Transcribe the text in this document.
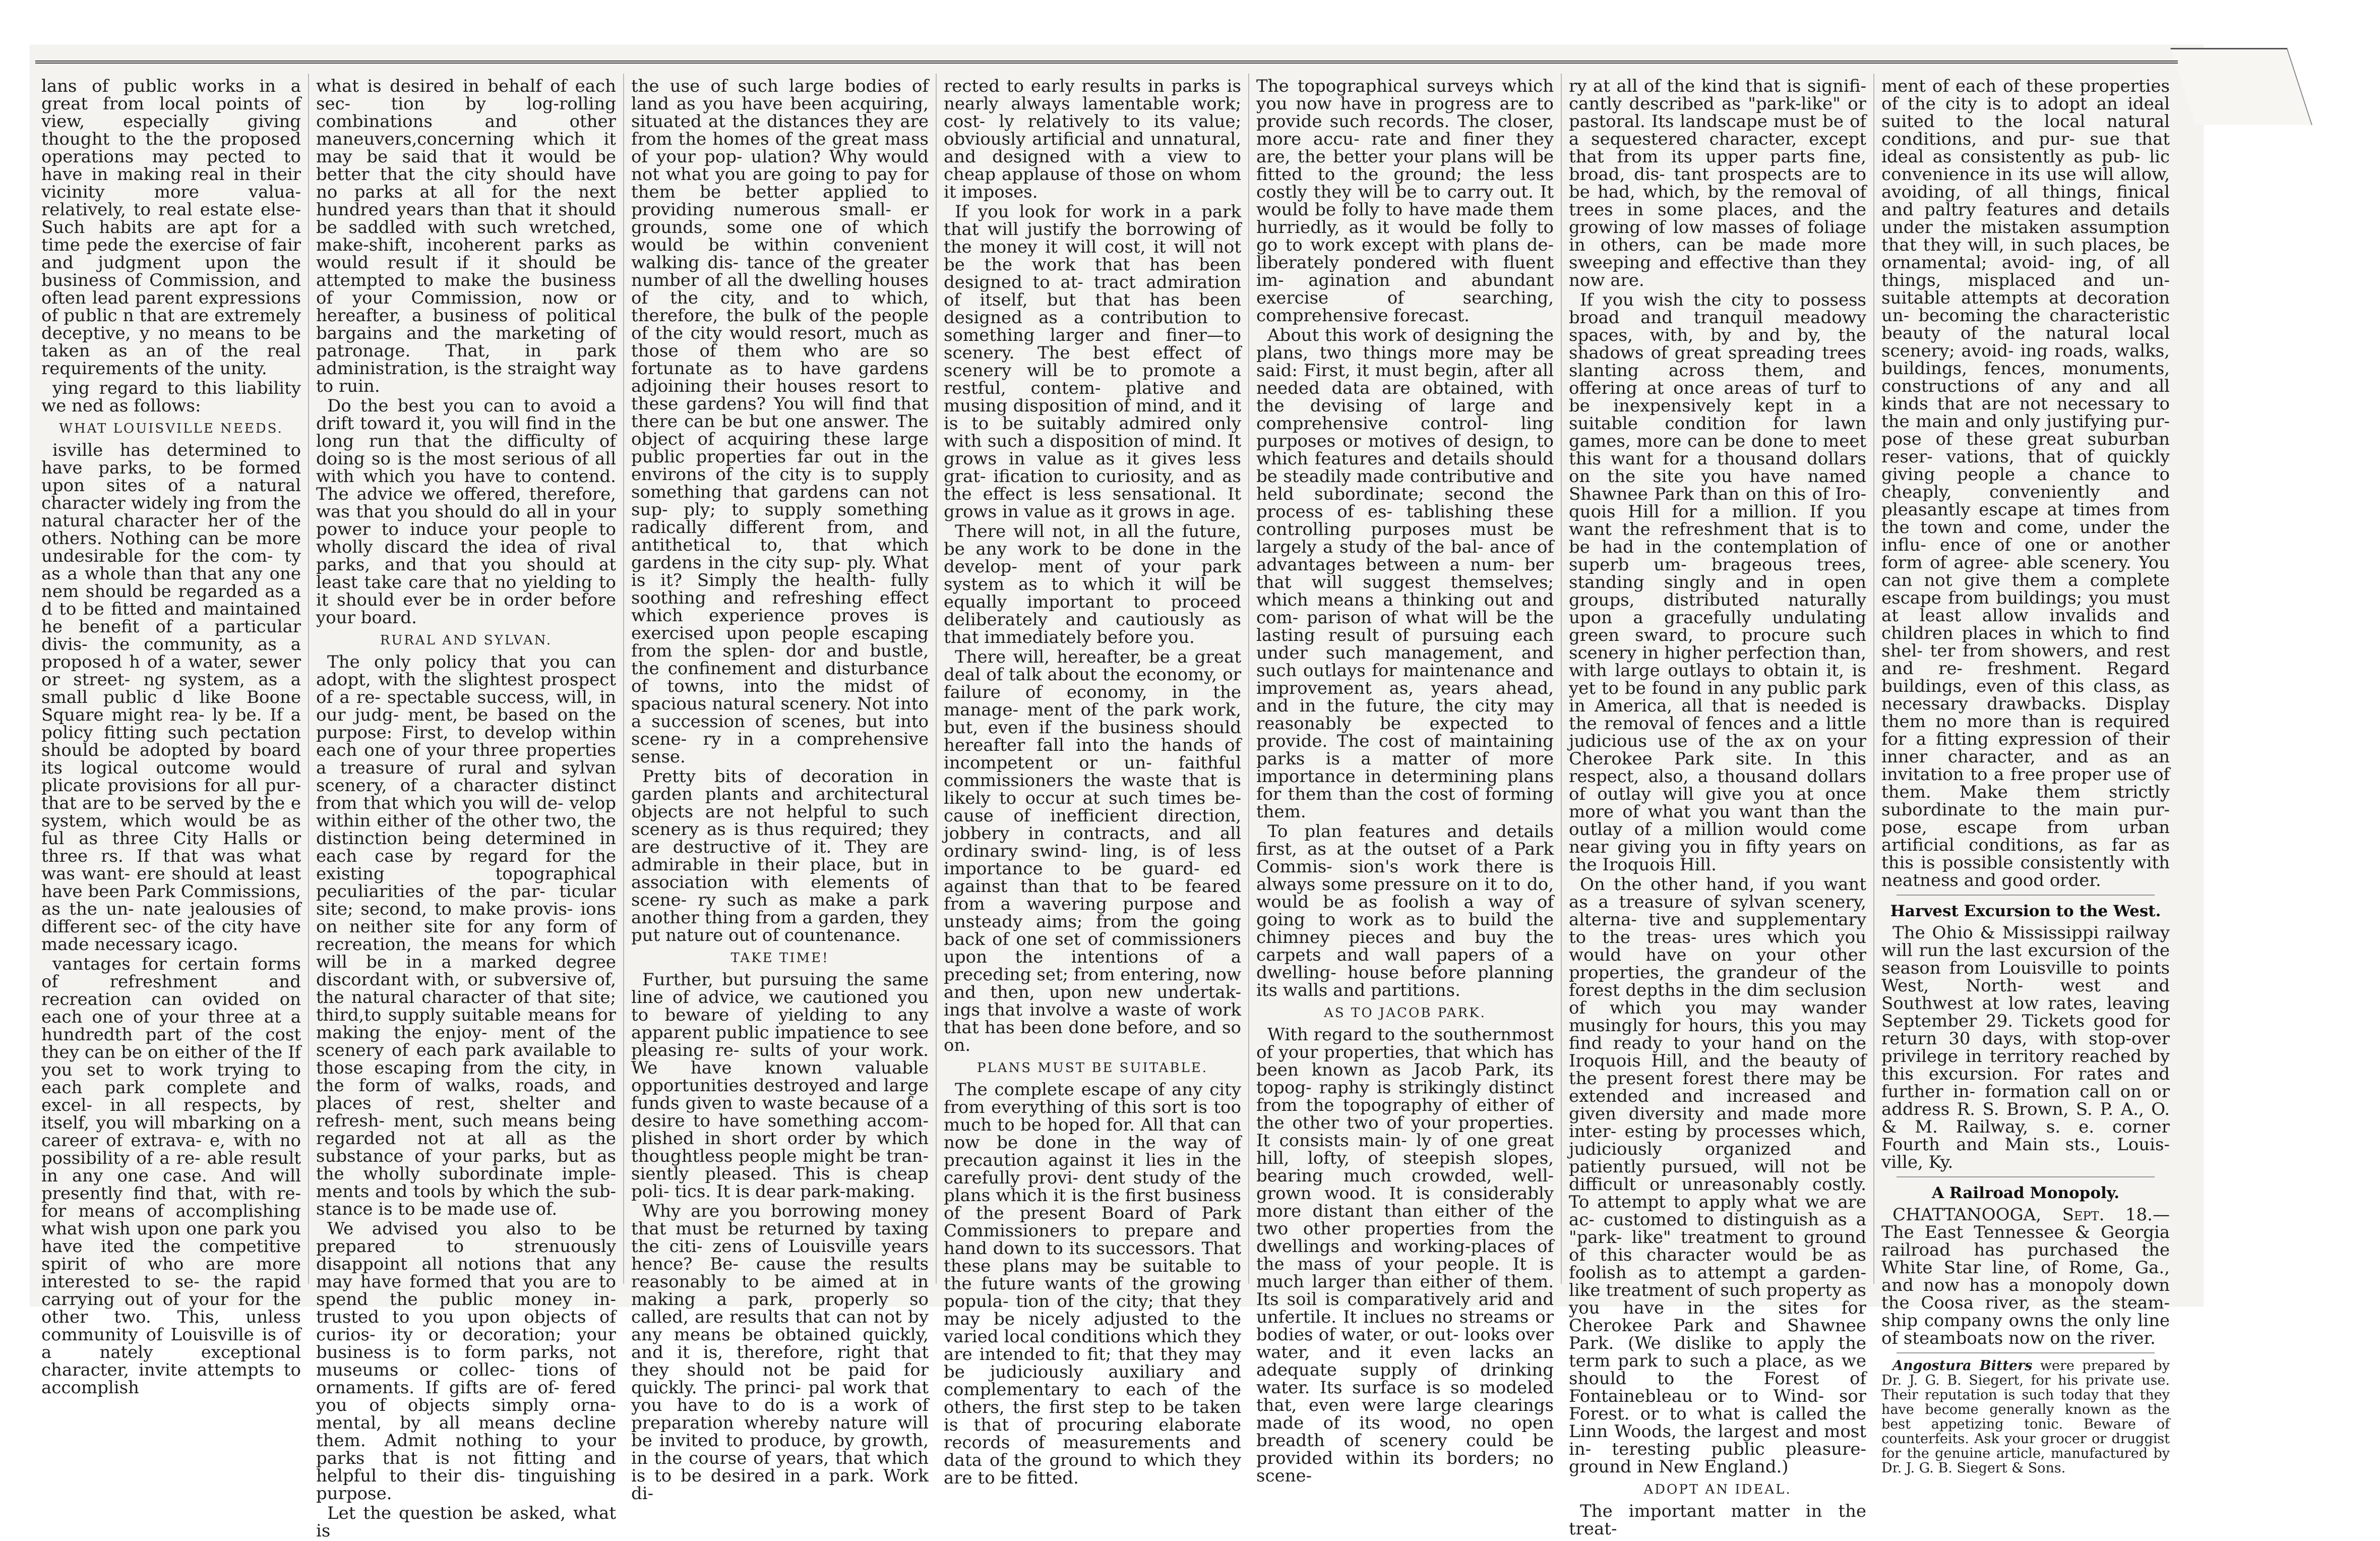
lans of public works in a great from local points of view, especially giving thought to the the proposed operations may pected to have in making real in their vicinity more valua- relatively, to real estate else- Such habits are apt for a time pede the exercise of fair and judgment upon the business of Commission, and often lead parent expressions of public n that are extremely deceptive, y no means to be taken as an of the real requirements of the unity.

ying regard to this liability we ned as follows:

WHAT LOUISVILLE NEEDS.

isville has determined to have parks, to be formed upon sites of a natural character widely ing from the natural character her of the others. Nothing can be more undesirable for the com- ty as a whole than that any one nem should be regarded as a d to be fitted and maintained he benefit of a particular divis- the community, as a proposed h of a water, sewer or street- ng system, as a small public d like Boone Square might rea- ly be. If a policy fitting such pectation should be adopted by board its logical outcome would plicate provisions for all pur- that are to be served by the e system, which would be as ful as three City Halls or three rs. If that was what was want- ere should at least have been Park Commissions, as the un- nate jealousies of different sec- of the city have made necessary icago.

vantages for certain forms of refreshment and recreation can ovided on each one of your three at a hundredth part of the cost they can be on either of the If you set to work trying to each park complete and excel- in all respects, by itself, you will mbarking on a career of extrava- e, with no possibility of a re- able result in any one case. And will presently find that, with re- for means of accomplishing what wish upon one park you have ited the competitive spirit of who are more interested to se- the rapid carrying out of your for the other two. This, unless community of Louisville is of a nately exceptional character, invite attempts to accomplish

what is desired in behalf of each sec- tion by log-rolling combinations and other maneuvers,concerning which it may be said that it would be better that the city should have no parks at all for the next hundred years than that it should be saddled with such wretched, make-shift, incoherent parks as would result if it should be attempted to make the business of your Commission, now or hereafter, a business of political bargains and the marketing of patronage. That, in park administration, is the straight way to ruin.

Do the best you can to avoid a drift toward it, you will find in the long run that the difficulty of doing so is the most serious of all with which you have to contend. The advice we offered, therefore, was that you should do all in your power to induce your people to wholly discard the idea of rival parks, and that you should at least take care that no yielding to it should ever be in order before your board.

RURAL AND SYLVAN.

The only policy that you can adopt, with the slightest prospect of a re- spectable success, will, in our judg- ment, be based on the purpose: First, to develop within each one of your three properties a treasure of rural and sylvan scenery, of a character distinct from that which you will de- velop within either of the other two, the distinction being determined in each case by regard for the existing topographical peculiarities of the par- ticular site; second, to make provis- ions on neither site for any form of recreation, the means for which will be in a marked degree discordant with, or subversive of, the natural character of that site; third,to supply suitable means for making the enjoy- ment of the scenery of each park available to those escaping from the city, in the form of walks, roads, and places of rest, shelter and refresh- ment, such means being regarded not at all as the substance of your parks, but as the wholly subordinate imple- ments and tools by which the sub- stance is to be made use of.

We advised you also to be prepared to strenuously disappoint all notions that any may have formed that you are to spend the public money in- trusted to you upon objects of curios- ity or decoration; your business is to form parks, not museums or collec- tions of ornaments. If gifts are of- fered you of objects simply orna- mental, by all means decline them. Admit nothing to your parks that is not fitting and helpful to their dis- tinguishing purpose.

Let the question be asked, what is

the use of such large bodies of land as you have been acquiring, situated at the distances they are from the homes of the great mass of your pop- ulation? Why would not what you are going to pay for them be better applied to providing numerous small- er grounds, some one of which would be within convenient walking dis- tance of the greater number of all the dwelling houses of the city, and to which, therefore, the bulk of the people of the city would resort, much as those of them who are so fortunate as to have gardens adjoining their houses resort to these gardens? You will find that there can be but one answer. The object of acquiring these large public properties far out in the environs of the city is to supply something that gardens can not sup- ply; to supply something radically different from, and antithetical to, that which gardens in the city sup- ply. What is it? Simply the health- fully soothing and refreshing effect which experience proves is exercised upon people escaping from the splen- dor and bustle, the confinement and disturbance of towns, into the midst of spacious natural scenery. Not into a succession of scenes, but into scene- ry in a comprehensive sense.

Pretty bits of decoration in garden plants and architectural objects are not helpful to such scenery as is thus required; they are destructive of it. They are admirable in their place, but in association with elements of scene- ry such as make a park another thing from a garden, they put nature out of countenance.

TAKE TIME!

Further, but pursuing the same line of advice, we cautioned you to beware of yielding to any apparent public impatience to see pleasing re- sults of your work. We have known valuable opportunities destroyed and large funds given to waste because of a desire to have something accom- plished in short order by which thoughtless people might be tran- siently pleased. This is cheap poli- tics. It is dear park-making.

Why are you borrowing money that must be returned by taxing the citi- zens of Louisville years hence? Be- cause the results reasonably to be aimed at in making a park, properly so called, are results that can not by any means be obtained quickly, and it is, therefore, right that they should not be paid for quickly. The princi- pal work that you have to do is a work of preparation whereby nature will be invited to produce, by growth, in the course of years, that which is to be desired in a park. Work di-

rected to early results in parks is nearly always lamentable work; cost- ly relatively to its value; obviously artificial and unnatural, and designed with a view to cheap applause of those on whom it imposes.

If you look for work in a park that will justify the borrowing of the money it will cost, it will not be the work that has been designed to at- tract admiration of itself, but that has been designed as a contribution to something larger and finer—to scenery. The best effect of scenery will be to promote a restful, contem- plative and musing disposition of mind, and it is to be suitably admired only with such a disposition of mind. It grows in value as it gives less grat- ification to curiosity, and as the effect is less sensational. It grows in value as it grows in age.

There will not, in all the future, be any work to be done in the develop- ment of your park system as to which it will be equally important to proceed deliberately and cautiously as that immediately before you.

There will, hereafter, be a great deal of talk about the economy, or failure of economy, in the manage- ment of the park work, but, even if the business should hereafter fall into the hands of incompetent or un- faithful commissioners the waste that is likely to occur at such times be- cause of inefficient direction, jobbery in contracts, and all ordinary swind- ling, is of less importance to be guard- ed against than that to be feared from a wavering purpose and unsteady aims; from the going back of one set of commissioners upon the intentions of a preceding set; from entering, now and then, upon new undertak- ings that involve a waste of work that has been done before, and so on.

PLANS MUST BE SUITABLE.

The complete escape of any city from everything of this sort is too much to be hoped for. All that can now be done in the way of precaution against it lies in the carefully provi- dent study of the plans which it is the first business of the present Board of Park Commissioners to prepare and hand down to its successors. That these plans may be suitable to the future wants of the growing popula- tion of the city; that they may be nicely adjusted to the varied local conditions which they are intended to fit; that they may be judiciously auxiliary and complementary to each of the others, the first step to be taken is that of procuring elaborate records of measurements and data of the ground to which they are to be fitted.

The topographical surveys which you now have in progress are to provide such records. The closer, more accu- rate and finer they are, the better your plans will be fitted to the ground; the less costly they will be to carry out. It would be folly to have made them hurriedly, as it would be folly to go to work except with plans de- liberately pondered with fluent im- agination and abundant exercise of searching, comprehensive forecast.

About this work of designing the plans, two things more may be said: First, it must begin, after all needed data are obtained, with the devising of large and comprehensive control- ling purposes or motives of design, to which features and details should be steadily made contributive and held subordinate; second the process of es- tablishing these controlling purposes must be largely a study of the bal- ance of advantages between a num- ber that will suggest themselves; which means a thinking out and com- parison of what will be the lasting result of pursuing each under such management, and such outlays for maintenance and improvement as, years ahead, and in the future, the city may reasonably be expected to provide. The cost of maintaining parks is a matter of more importance in determining plans for them than the cost of forming them.

To plan features and details first, as at the outset of a Park Commis- sion's work there is always some pressure on it to do, would be as foolish a way of going to work as to build the chimney pieces and buy the carpets and wall papers of a dwelling- house before planning its walls and partitions.

AS TO JACOB PARK.

With regard to the southernmost of your properties, that which has been known as Jacob Park, its topog- raphy is strikingly distinct from the topography of either of the other two of your properties. It consists main- ly of one great hill, lofty, of steepish slopes, bearing much crowded, well- grown wood. It is considerably more distant than either of the two other properties from the dwellings and working-places of the mass of your people. It is much larger than either of them. Its soil is comparatively arid and unfertile. It inclues no streams or bodies of water, or out- looks over water, and it even lacks an adequate supply of drinking water. Its surface is so modeled that, even were large clearings made of its wood, no open breadth of scenery could be provided within its borders; no scene-

ry at all of the kind that is signifi- cantly described as "park-like" or pastoral. Its landscape must be of a sequestered character, except that from its upper parts fine, broad, dis- tant prospects are to be had, which, by the removal of trees in some places, and the growing of low masses of foliage in others, can be made more sweeping and effective than they now are.

If you wish the city to possess broad and tranquil meadowy spaces, with, by and by, the shadows of great spreading trees slanting across them, and offering at once areas of turf to be inexpensively kept in a suitable condition for lawn games, more can be done to meet this want for a thousand dollars on the site you have named Shawnee Park than on this of Iro- quois Hill for a million. If you want the refreshment that is to be had in the contemplation of superb um- brageous trees, standing singly and in open groups, distributed naturally upon a gracefully undulating green sward, to procure such scenery in higher perfection than, with large outlays to obtain it, is yet to be found in any public park in America, all that is needed is the removal of fences and a little judicious use of the ax on your Cherokee Park site. In this respect, also, a thousand dollars of outlay will give you at once more of what you want than the outlay of a million would come near giving you in fifty years on the Iroquois Hill.

On the other hand, if you want as a treasure of sylvan scenery, alterna- tive and supplementary to the treas- ures which you would have on your other properties, the grandeur of the forest depths in the dim seclusion of which you may wander musingly for hours, this you may find ready to your hand on the Iroquois Hill, and the beauty of the present forest there may be extended and increased and given diversity and made more inter- esting by processes which, judiciously organized and patiently pursued, will not be difficult or unreasonably costly. To attempt to apply what we are ac- customed to distinguish as a "park- like" treatment to ground of this character would be as foolish as to attempt a garden-like treatment of such property as you have in the sites for Cherokee Park and Shawnee Park. (We dislike to apply the term park to such a place, as we should to the Forest of Fontainebleau or to Wind- sor Forest. or to what is called the Linn Woods, the largest and most in- teresting public pleasure-ground in New England.)

ADOPT AN IDEAL.

The important matter in the treat-

ment of each of these properties of the city is to adopt an ideal suited to the local natural conditions, and pur- sue that ideal as consistently as pub- lic convenience in its use will allow, avoiding, of all things, finical and paltry features and details under the mistaken assumption that they will, in such places, be ornamental; avoid- ing, of all things, misplaced and un- suitable attempts at decoration un- becoming the characteristic beauty of the natural local scenery; avoid- ing roads, walks, buildings, fences, monuments, constructions of any and all kinds that are not necessary to the main and only justifying pur- pose of these great suburban reser- vations, that of quickly giving people a chance to cheaply, conveniently and pleasantly escape at times from the town and come, under the influ- ence of one or another form of agree- able scenery. You can not give them a complete escape from buildings; you must at least allow invalids and children places in which to find shel- ter from showers, and rest and re- freshment. Regard buildings, even of this class, as necessary drawbacks. Display them no more than is required for a fitting expression of their inner character, and as an invitation to a free proper use of them. Make them strictly subordinate to the main pur- pose, escape from urban artificial conditions, as far as this is possible consistently with neatness and good order.

Harvest Excursion to the West.

The Ohio & Mississippi railway will run the last excursion of the season from Louisville to points West, North- west and Southwest at low rates, leaving September 29. Tickets good for return 30 days, with stop-over privilege in territory reached by this excursion. For rates and further in- formation call on or address R. S. Brown, S. P. A., O. & M. Railway, s. e. corner Fourth and Main sts., Louis- ville, Ky.

A Railroad Monopoly.

CHATTANOOGA, Sept. 18.—The East Tennessee & Georgia railroad has purchased the White Star line, of Rome, Ga., and now has a monopoly down the Coosa river, as the steam- ship company owns the only line of steamboats now on the river.

Angostura Bitters were prepared by Dr. J. G. B. Siegert, for his private use. Their reputation is such today that they have become generally known as the best appetizing tonic. Beware of counterfeits. Ask your grocer or druggist for the genuine article, manufactured by Dr. J. G. B. Siegert & Sons.
